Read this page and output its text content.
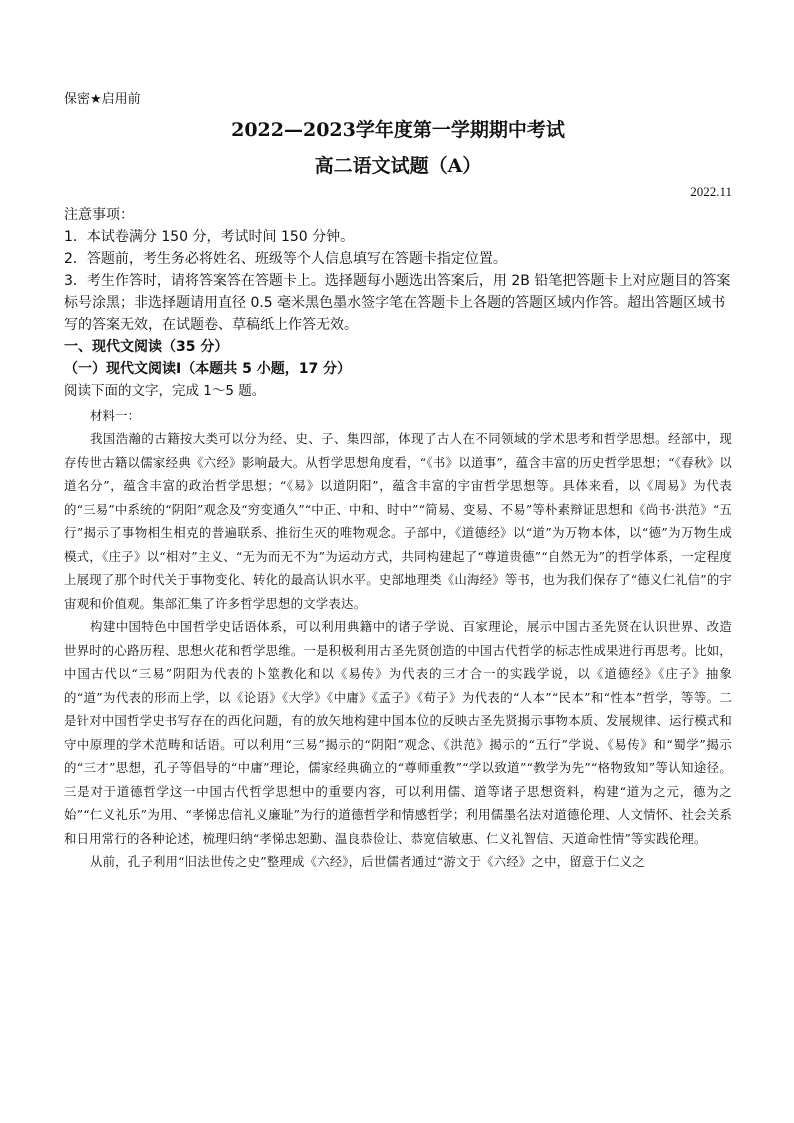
保密★启用前
2022—2023学年度第一学期期中考试
高二语文试题（A）
2022.11

注意事项：

1．本试卷满分 150 分，考试时间 150 分钟。

2．答题前，考生务必将姓名、班级等个人信息填写在答题卡指定位置。

3．考生作答时，请将答案答在答题卡上。选择题每小题选出答案后，用 2B 铅笔把答题卡上对应题目的答案标号涂黑；非选择题请用直径 0.5 毫米黑色墨水签字笔在答题卡上各题的答题区域内作答。超出答题区域书写的答案无效，在试题卷、草稿纸上作答无效。

一、现代文阅读（35 分）
（一）现代文阅读Ⅰ（本题共 5 小题，17 分）
阅读下面的文字，完成 1～5 题。
材料一：

我国浩瀚的古籍按大类可以分为经、史、子、集四部，体现了古人在不同领域的学术思考和哲学思想。经部中，现存传世古籍以儒家经典《六经》影响最大。从哲学思想角度看，“《书》以道事”，蕴含丰富的历史哲学思想；“《春秋》以道名分”，蕴含丰富的政治哲学思想；“《易》以道阴阳”，蕴含丰富的宇宙哲学思想等。具体来看，以《周易》为代表的“三易”中系统的“阴阳”观念及“穷变通久”“中正、中和、时中”“简易、变易、不易”等朴素辩证思想和《尚书·洪范》“五行”揭示了事物相生相克的普遍联系、推衍生灭的唯物观念。子部中，《道德经》以“道”为万物本体，以“德”为万物生成模式，《庄子》以“相对”主义、“无为而无不为”为运动方式，共同构建起了“尊道贵德”“自然无为”的哲学体系，一定程度上展现了那个时代关于事物变化、转化的最高认识水平。史部地理类《山海经》等书，也为我们保存了“德义仁礼信”的宇宙观和价值观。集部汇集了许多哲学思想的文学表达。

构建中国特色中国哲学史话语体系，可以利用典籍中的诸子学说、百家理论，展示中国古圣先贤在认识世界、改造世界时的心路历程、思想火花和哲学思维。一是积极利用古圣先贤创造的中国古代哲学的标志性成果进行再思考。比如，中国古代以“三易”阴阳为代表的卜筮教化和以《易传》为代表的三才合一的实践学说，以《道德经》《庄子》抽象的“道”为代表的形而上学，以《论语》《大学》《中庸》《孟子》《荀子》为代表的“人本”“民本”和“性本”哲学，等等。二是针对中国哲学史书写存在的西化问题，有的放矢地构建中国本位的反映古圣先贤揭示事物本质、发展规律、运行模式和守中原理的学术范畴和话语。可以利用“三易”揭示的“阴阳”观念、《洪范》揭示的“五行”学说、《易传》和“蜀学”揭示的“三才”思想，孔子等倡导的“中庸”理论，儒家经典确立的“尊师重教”“学以致道”“教学为先”“格物致知”等认知途径。三是对于道德哲学这一中国古代哲学思想中的重要内容，可以利用儒、道等诸子思想资料，构建“道为之元，德为之始”“仁义礼乐”为用、“孝悌忠信礼义廉耻”为行的道德哲学和情感哲学；利用儒墨名法对道德伦理、人文情怀、社会关系和日用常行的各种论述，梳理归纳“孝悌忠恕勤、温良恭俭让、恭宽信敏惠、仁义礼智信、天道命性情”等实践伦理。

从前，孔子利用“旧法世传之史”整理成《六经》，后世儒者通过“游文于《六经》之中，留意于仁义之
